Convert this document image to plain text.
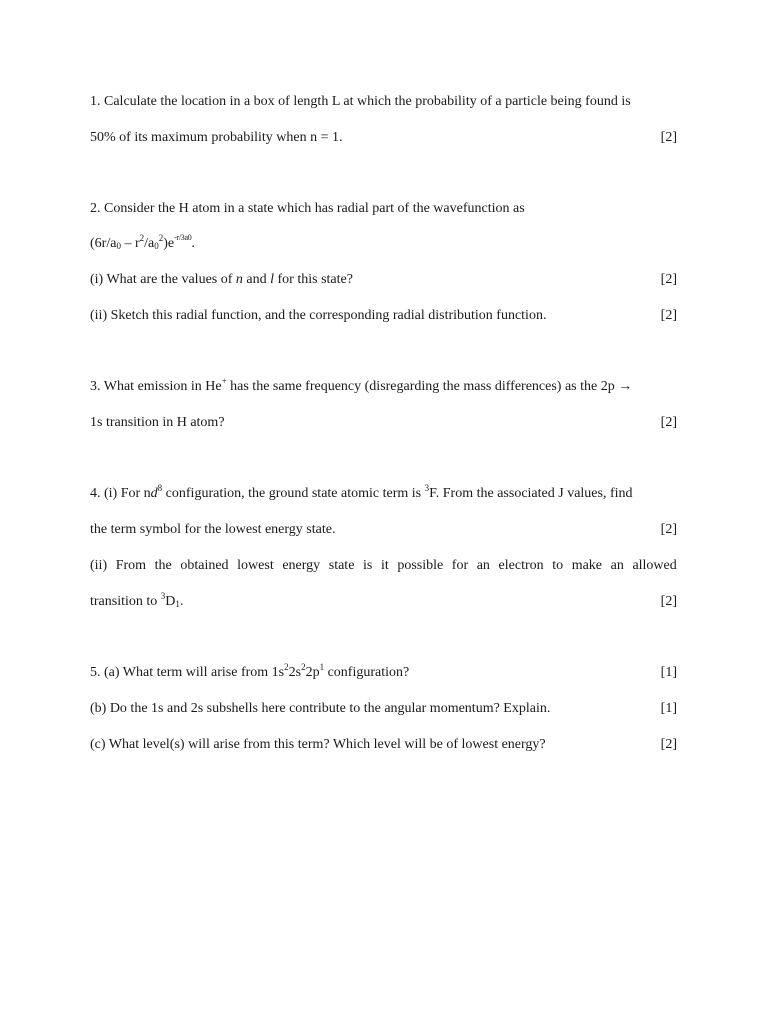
1. Calculate the location in a box of length L at which the probability of a particle being found is
50% of its maximum probability when n = 1.	[2]
2. Consider the H atom in a state which has radial part of the wavefunction as
$(6r/a_0 - r^2/a_0^2)e^{-r/3a0}$.
(i) What are the values of n and l for this state?	[2]
(ii) Sketch this radial function, and the corresponding radial distribution function.	[2]
3. What emission in He+ has the same frequency (disregarding the mass differences) as the 2p →
1s transition in H atom?	[2]
4. (i) For $nd^8$ configuration, the ground state atomic term is $^3$F. From the associated J values, find
the term symbol for the lowest energy state.	[2]
(ii) From the obtained lowest energy state is it possible for an electron to make an allowed
transition to $^3D_1$.	[2]
5. (a) What term will arise from $1s^22s^22p^1$ configuration?	[1]
(b) Do the 1s and 2s subshells here contribute to the angular momentum? Explain.	[1]
(c) What level(s) will arise from this term? Which level will be of lowest energy?	[2]
